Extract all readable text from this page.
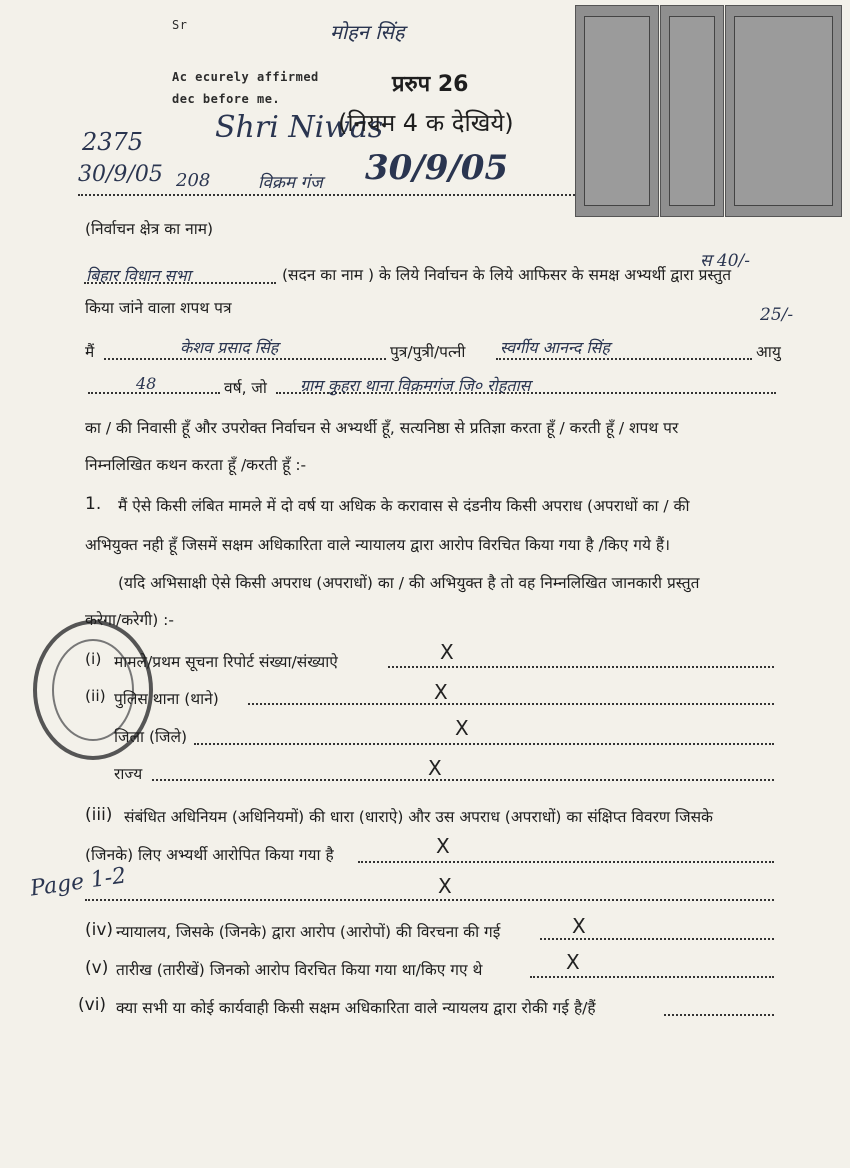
Sr
Ac ecurely affirmed
dec before me.
मोहन सिंह
Shri Niwas
2375
30/9/05 208	विक्रम गंज 30/9/05
स 40/-
25/-
Page 1-2
प्ररुप 26
(नियम 4 क देखिये)
(निर्वाचन क्षेत्र का नाम)
बिहार विधान सभा	(सदन का नाम ) के लिये निर्वाचन के लिये आफिसर के समक्ष अभ्यर्थी द्वारा प्रस्तुत
किया जांने वाला शपथ पत्र
मैं	केशव प्रसाद सिंह	पुत्र/पुत्री/पत्नी स्वर्गीय आनन्द सिंह	आयु
48	वर्ष, जो ग्राम कुहरा थाना विक्रमगंज जि० रोहतास
का / की निवासी हूँ और उपरोक्त निर्वाचन से अभ्यर्थी हूँ, सत्यनिष्ठा से प्रतिज्ञा करता हूँ / करती हूँ / शपथ पर
निम्नलिखित कथन करता हूँ /करती हूँ :-
1. मैं ऐसे किसी लंबित मामले में दो वर्ष या अधिक के करावास से दंडनीय किसी अपराध (अपराधों का / की
अभियुक्त नही हूँ जिसमें सक्षम अधिकारिता वाले न्यायालय द्वारा आरोप विरचित किया गया है /किए गये हैं।
(यदि अभिसाक्षी ऐसे किसी अपराध (अपराधों) का / की अभियुक्त है तो वह निम्नलिखित जानकारी प्रस्तुत
करेगा/करेगी) :-
(i) मामले/प्रथम सूचना रिपोर्ट संख्या/संख्याऐ	X
(ii) पुलिस थाना (थाने)	X
जिला (जिले)	X
राज्य	X
(iii) संबंधित अधिनियम (अधिनियमों) की धारा (धाराऐ) और उस अपराध (अपराधों) का संक्षिप्त विवरण जिसके
(जिनके) लिए अभ्यर्थी आरोपित किया गया है	X
X
(iv) न्यायालय, जिसके (जिनके) द्वारा आरोप (आरोपों) की विरचना की गई	X
(v) तारीख (तारीखें) जिनको आरोप विरचित किया गया था/किए गए थे	X
(vi) क्या सभी या कोई कार्यवाही किसी सक्षम अधिकारिता वाले न्यायलय द्वारा रोकी गई है/हैं
